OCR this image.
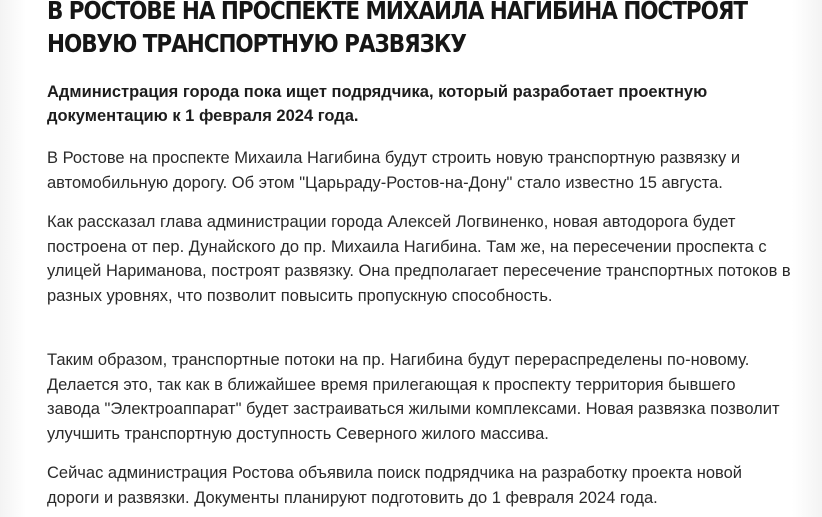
В РОСТОВЕ НА ПРОСПЕКТЕ МИХАИЛА НАГИБИНА ПОСТРОЯТ НОВУЮ ТРАНСПОРТНУЮ РАЗВЯЗКУ

Администрация города пока ищет подрядчика, который разработает проектную документацию к 1 февраля 2024 года.

В Ростове на проспекте Михаила Нагибина будут строить новую транспортную развязку и автомобильную дорогу. Об этом "Царьраду-Ростов-на-Дону" стало известно 15 августа.

Как рассказал глава администрации города Алексей Логвиненко, новая автодорога будет построена от пер. Дунайского до пр. Михаила Нагибина. Там же, на пересечении проспекта с улицей Нариманова, построят развязку. Она предполагает пересечение транспортных потоков в разных уровнях, что позволит повысить пропускную способность.

Таким образом, транспортные потоки на пр. Нагибина будут перераспределены по-новому. Делается это, так как в ближайшее время прилегающая к проспекту территория бывшего завода "Электроаппарат" будет застраиваться жилыми комплексами. Новая развязка позволит улучшить транспортную доступность Северного жилого массива.

Сейчас администрация Ростова объявила поиск подрядчика на разработку проекта новой дороги и развязки. Документы планируют подготовить до 1 февраля 2024 года.
